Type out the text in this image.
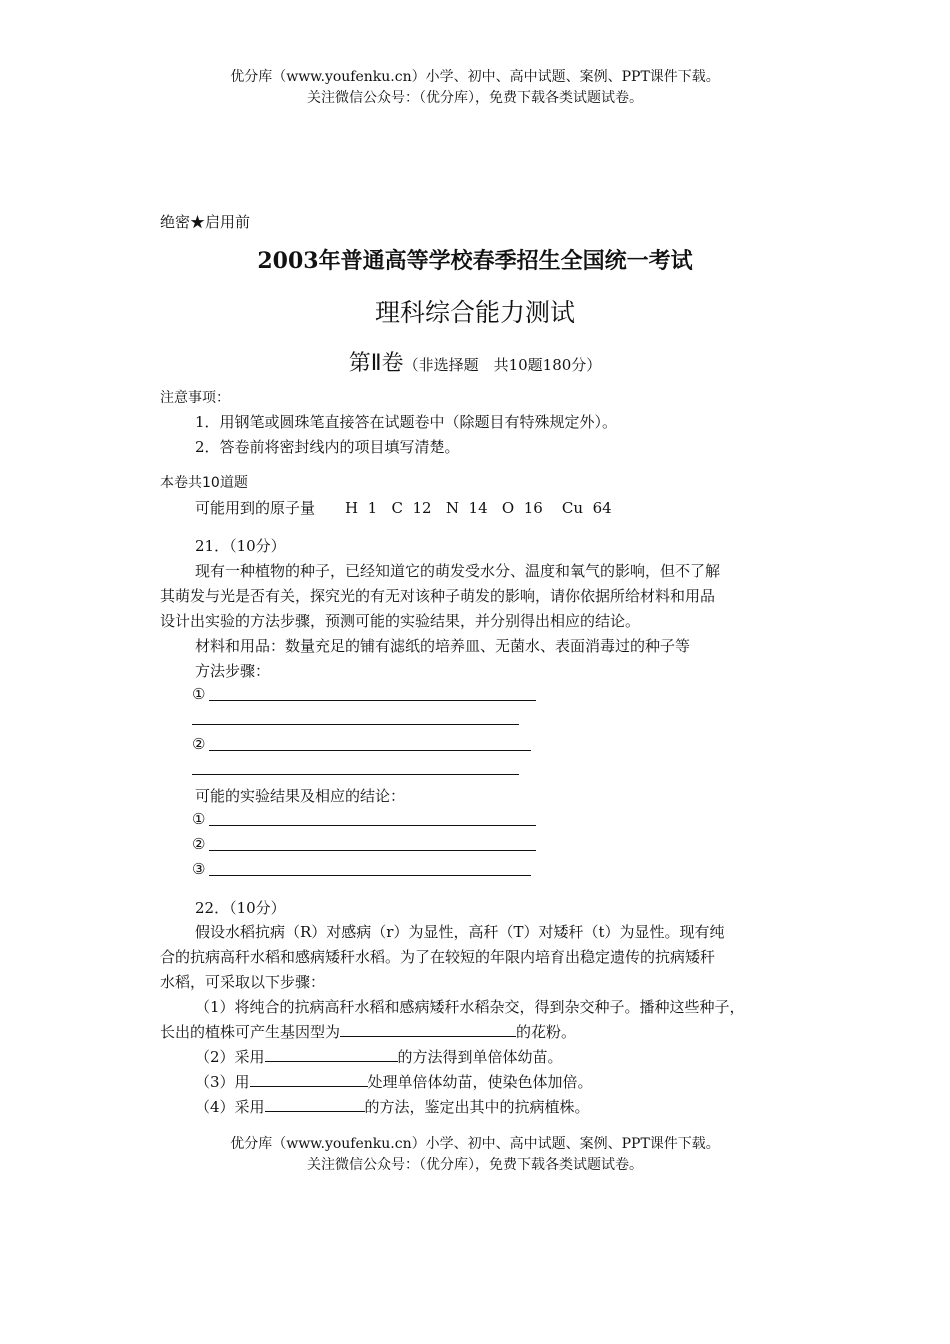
优分库（www.youfenku.cn）小学、初中、高中试题、案例、PPT课件下载。
关注微信公众号：（优分库），免费下载各类试题试卷。
绝密★启用前
2003年普通高等学校春季招生全国统一考试
理科综合能力测试
第Ⅱ卷（非选择题　共10题180分）
注意事项：
1．用钢笔或圆珠笔直接答在试题卷中（除题目有特殊规定外）。
2．答卷前将密封线内的项目填写清楚。
本卷共10道题
可能用到的原子量　　H  1   C  12   N  14   O  16    Cu  64
21．（10分）
现有一种植物的种子，已经知道它的萌发受水分、温度和氧气的影响，但不了解
其萌发与光是否有关，探究光的有无对该种子萌发的影响，请你依据所给材料和用品
设计出实验的方法步骤，预测可能的实验结果，并分别得出相应的结论。
材料和用品：数量充足的铺有滤纸的培养皿、无菌水、表面消毒过的种子等
方法步骤：
①
②
可能的实验结果及相应的结论：
①
②
③
22．（10分）
假设水稻抗病（R）对感病（r）为显性，高秆（T）对矮秆（t）为显性。现有纯
合的抗病高秆水稻和感病矮秆水稻。为了在较短的年限内培育出稳定遗传的抗病矮秆
水稻，可采取以下步骤：
（1）将纯合的抗病高秆水稻和感病矮秆水稻杂交，得到杂交种子。播种这些种子，
长出的植株可产生基因型为	的花粉。
（2）采用	的方法得到单倍体幼苗。
（3）用	处理单倍体幼苗，使染色体加倍。
（4）采用	的方法，鉴定出其中的抗病植株。
优分库（www.youfenku.cn）小学、初中、高中试题、案例、PPT课件下载。
关注微信公众号：（优分库），免费下载各类试题试卷。
